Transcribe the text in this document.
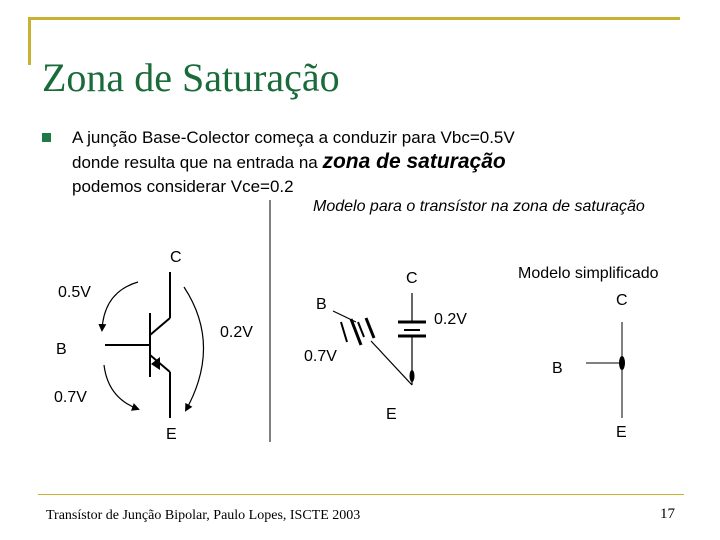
Zona de Saturação
A junção Base-Colector começa a conduzir para Vbc=0.5V
donde resulta que na entrada na zona de saturação
podemos considerar Vce=0.2
Modelo para o transístor na zona de saturação
C
0.5V
B
0.2V
0.7V
E
C
B
0.2V
0.7V
E
Modelo simplificado
C
B
E
Transístor de Junção Bipolar, Paulo Lopes, ISCTE 2003	17
